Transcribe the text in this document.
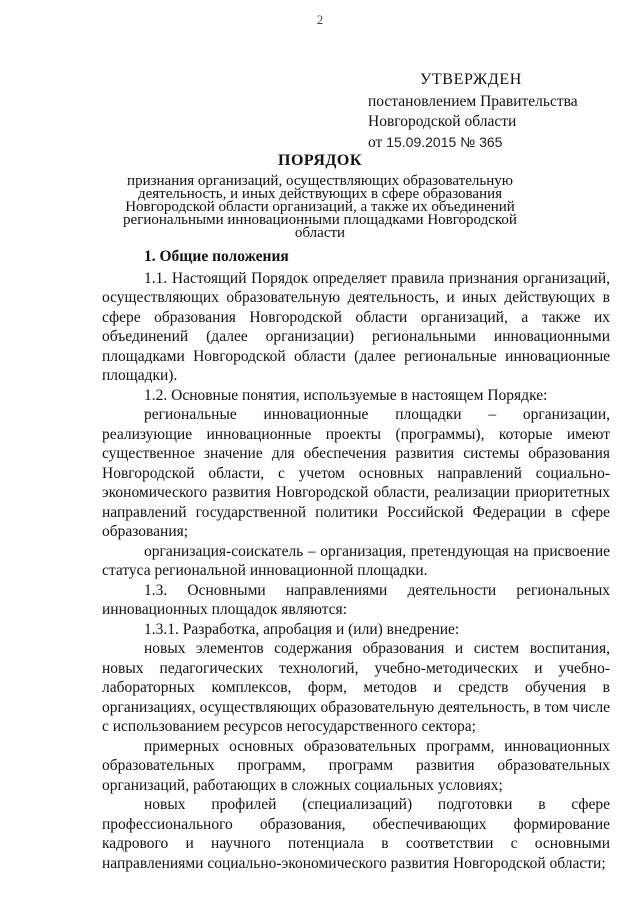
2
УТВЕРЖДЕН
постановлением Правительства
Новгородской области
от 15.09.2015 № 365
ПОРЯДОК
признания организаций, осуществляющих образовательную деятельность, и иных действующих в сфере образования Новгородской области организаций, а также их объединений региональными инновационными площадками Новгородской области
1. Общие положения

1.1. Настоящий Порядок определяет правила признания организаций, осуществляющих образовательную деятельность, и иных действующих в сфере образования Новгородской области организаций, а также их объединений (далее организации) региональными инновационными площадками Новгородской области (далее региональные инновационные площадки).

1.2. Основные понятия, используемые в настоящем Порядке:

региональные инновационные площадки – организации, реализующие инновационные проекты (программы), которые имеют существенное значение для обеспечения развития системы образования Новгородской области, с учетом основных направлений социально-экономического развития Новгородской области, реализации приоритетных направлений государственной политики Российской Федерации в сфере образования;

организация-соискатель – организация, претендующая на присвоение статуса региональной инновационной площадки.

1.3. Основными направлениями деятельности региональных инновационных площадок являются:

1.3.1. Разработка, апробация и (или) внедрение:

новых элементов содержания образования и систем воспитания, новых педагогических технологий, учебно-методических и учебно-лабораторных комплексов, форм, методов и средств обучения в организациях, осуществляющих образовательную деятельность, в том числе с использованием ресурсов негосударственного сектора;

примерных основных образовательных программ, инновационных образовательных программ, программ развития образовательных организаций, работающих в сложных социальных условиях;

новых профилей (специализаций) подготовки в сфере профессионального образования, обеспечивающих формирование кадрового и научного потенциала в соответствии с основными направлениями социально-экономического развития Новгородской области;
